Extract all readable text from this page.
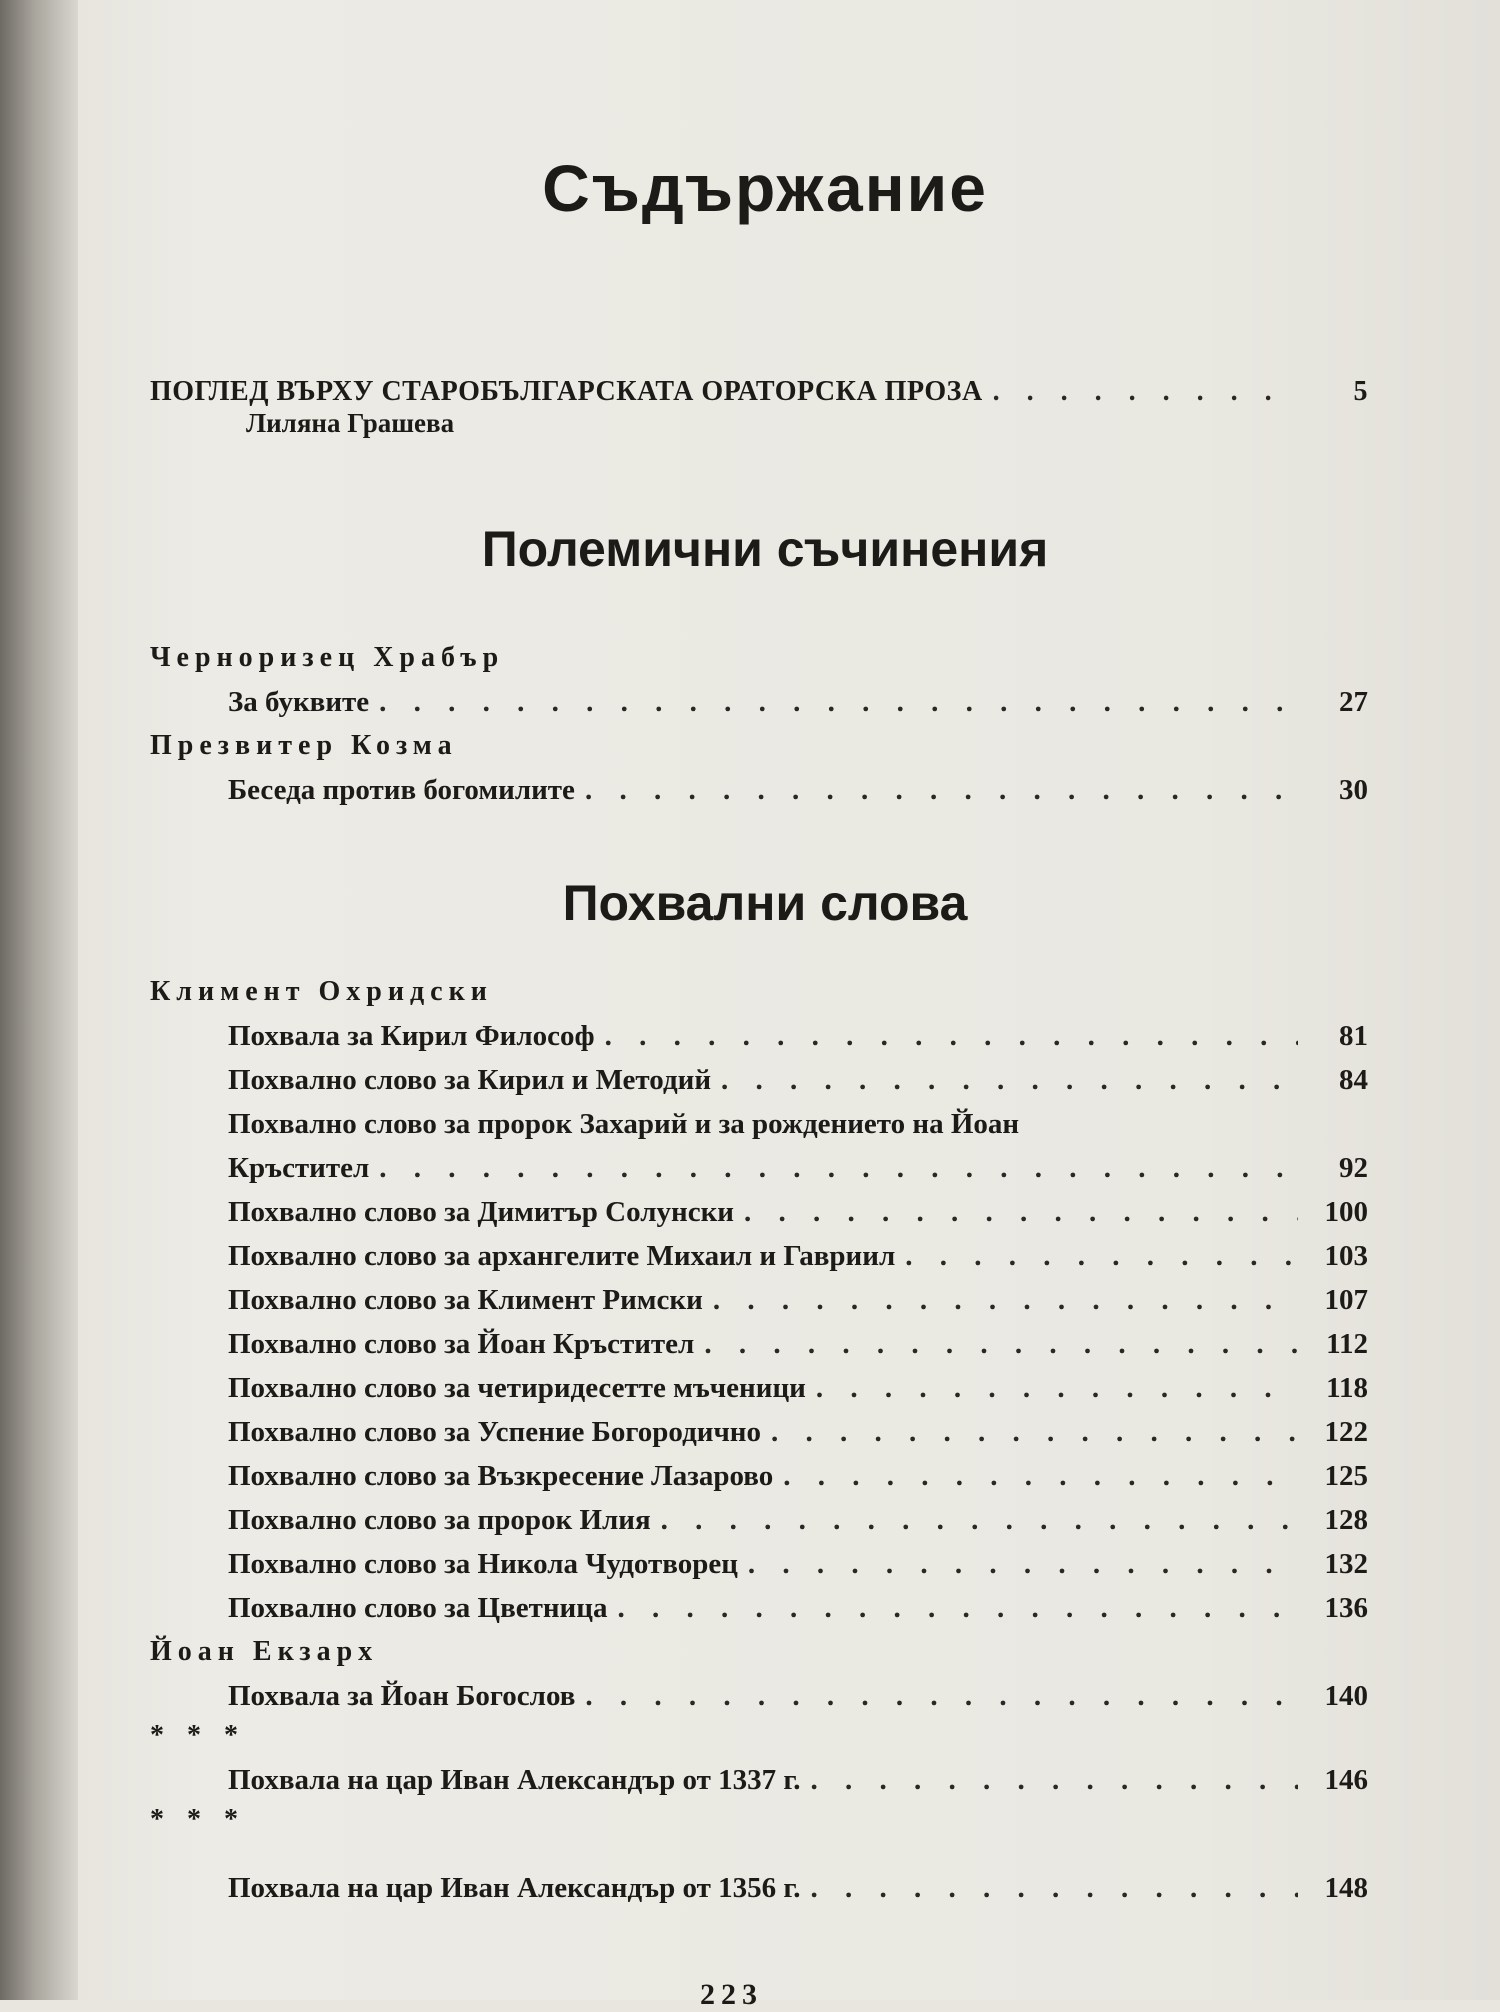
Съдържание
ПОГЛЕД ВЪРХУ СТАРОБЪЛГАРСКАТА ОРАТОРСКА ПРОЗА . . .	5
Лиляна Грашева
Полемични съчинения
Черноризец Храбър
За буквите . . .	27
Презвитер Козма
Беседа против богомилите . . .	30
Похвални слова
Климент Охридски
Похвала за Кирил Философ . . .	81
Похвално слово за Кирил и Методий . . .	84
Похвално слово за пророк Захарий и за рождението на Йоан
Кръстител . . .	92
Похвално слово за Димитър Солунски . . .	100
Похвално слово за архангелите Михаил и Гавриил . . .	103
Похвално слово за Климент Римски . . .	107
Похвално слово за Йоан Кръстител . . .	112
Похвално слово за четиридесетте мъченици . . .	118
Похвално слово за Успение Богородично . . .	122
Похвално слово за Възкресение Лазарово . . .	125
Похвално слово за пророк Илия . . .	128
Похвално слово за Никола Чудотворец . . .	132
Похвално слово за Цветница . . .	136
Йоан Екзарх
Похвала за Йоан Богослов . . .	140
* * *
Похвала на цар Иван Александър от 1337 г. . . .	146
* * *
Похвала на цар Иван Александър от 1356 г. . . .	148
223
